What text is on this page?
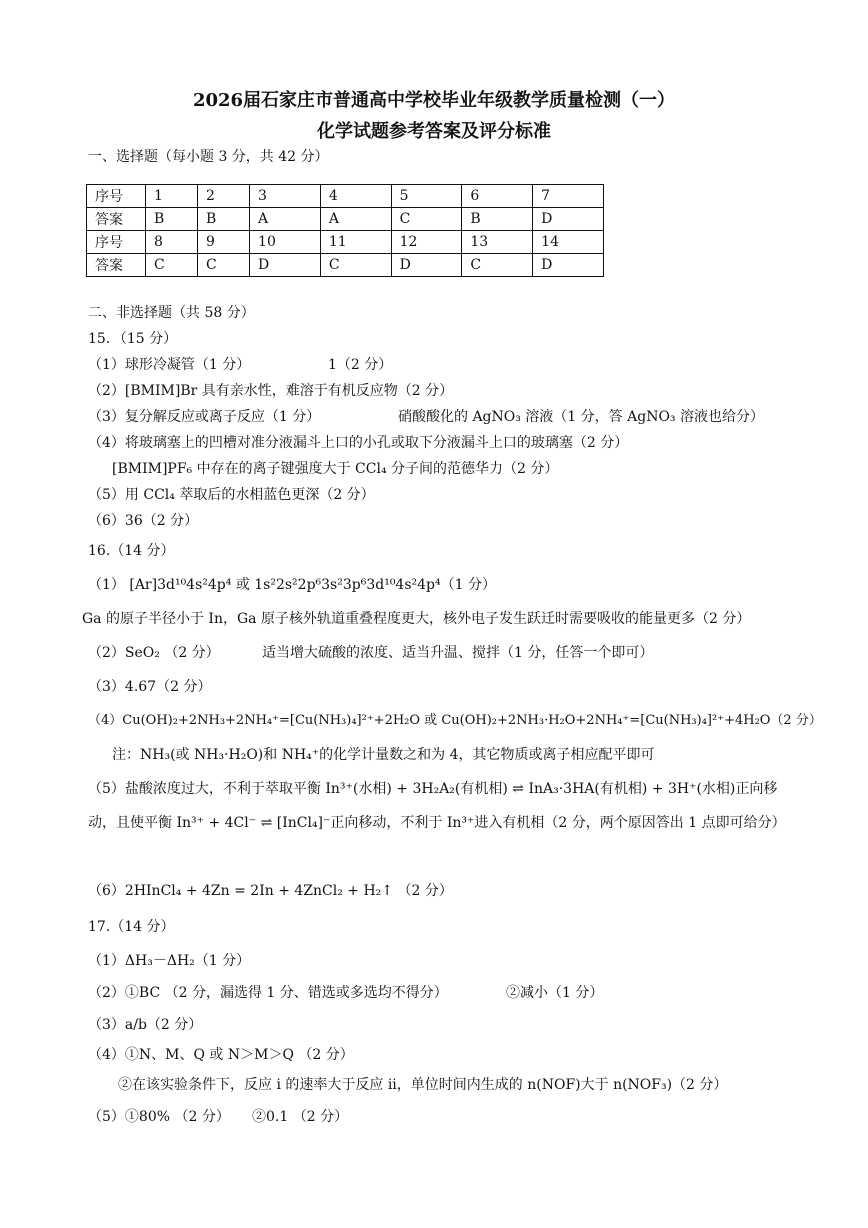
2026届石家庄市普通高中学校毕业年级教学质量检测（一）
化学试题参考答案及评分标准
一、选择题（每小题 3 分，共 42 分）
序号	1	2	3	4	5	6	7
答案	B	B	A	A	C	B	D
序号	8	9	10	11	12	13	14
答案	C	C	D	C	D	C	D
二、非选择题（共 58 分）
15．（15 分）
（1）球形冷凝管（1 分）	1（2 分）
（2）[BMIM]Br 具有亲水性，难溶于有机反应物（2 分）
（3）复分解反应或离子反应（1 分）	硝酸酸化的 AgNO₃ 溶液（1 分，答 AgNO₃ 溶液也给分）
（4）将玻璃塞上的凹槽对准分液漏斗上口的小孔或取下分液漏斗上口的玻璃塞（2 分）
[BMIM]PF₆ 中存在的离子键强度大于 CCl₄ 分子间的范德华力（2 分）
（5）用 CCl₄ 萃取后的水相蓝色更深（2 分）
（6）36（2 分）
16.（14 分）
（1） [Ar]3d¹⁰4s²4p⁴ 或 1s²2s²2p⁶3s²3p⁶3d¹⁰4s²4p⁴（1 分）
Ga 的原子半径小于 In，Ga 原子核外轨道重叠程度更大，核外电子发生跃迁时需要吸收的能量更多（2 分）
（2）SeO₂ （2 分）	适当增大硫酸的浓度、适当升温、搅拌（1 分，任答一个即可）
（3）4.67（2 分）
（4）Cu(OH)₂+2NH₃+2NH₄⁺=[Cu(NH₃)₄]²⁺+2H₂O 或 Cu(OH)₂+2NH₃·H₂O+2NH₄⁺=[Cu(NH₃)₄]²⁺+4H₂O（2 分）
注：NH₃(或 NH₃·H₂O)和 NH₄⁺的化学计量数之和为 4，其它物质或离子相应配平即可
（5）盐酸浓度过大，不利于萃取平衡 In³⁺(水相) + 3H₂A₂(有机相) ⇌ InA₃·3HA(有机相) + 3H⁺(水相)正向移动，且使平衡 In³⁺ + 4Cl⁻ ⇌ [InCl₄]⁻正向移动，不利于 In³⁺进入有机相（2 分，两个原因答出 1 点即可给分）
（6）2HInCl₄ + 4Zn = 2In + 4ZnCl₂ + H₂↑ （2 分）
17.（14 分）
（1）ΔH₃－ΔH₂（1 分）
（2）①BC （2 分，漏选得 1 分、错选或多选均不得分）	②减小（1 分）
（3）a/b（2 分）
（4）①N、M、Q 或 N＞M＞Q （2 分）
②在该实验条件下，反应 i 的速率大于反应 ii，单位时间内生成的 n(NOF)大于 n(NOF₃)（2 分）
（5）①80% （2 分） ②0.1 （2 分）
